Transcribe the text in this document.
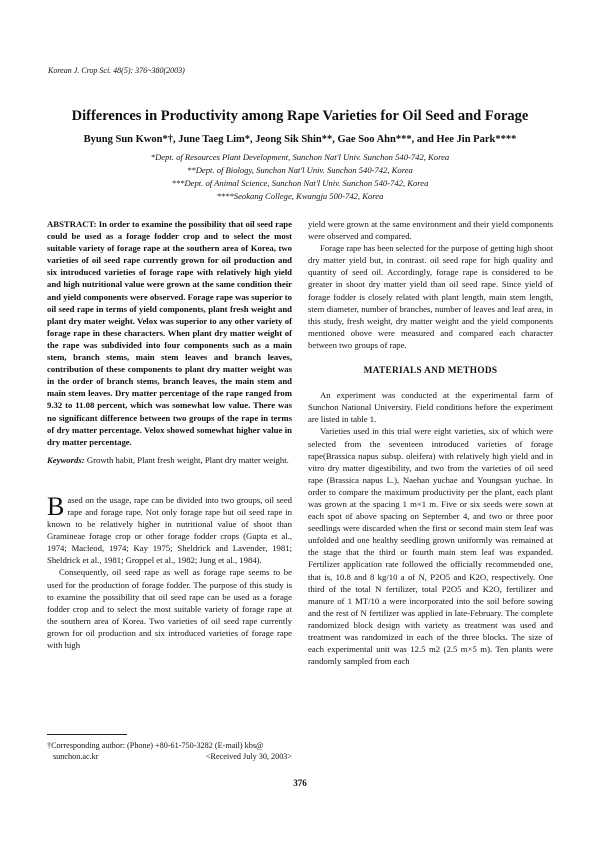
Korean J. Crop Sci. 48(5): 376~380(2003)
Differences in Productivity among Rape Varieties for Oil Seed and Forage
Byung Sun Kwon*†, June Taeg Lim*, Jeong Sik Shin**, Gae Soo Ahn***, and Hee Jin Park****
*Dept. of Resources Plant Development, Sunchon Nat'l Univ. Sunchon 540-742, Korea
**Dept. of Biology, Sunchon Nat'l Univ. Sunchon 540-742, Korea
***Dept. of Animal Science, Sunchon Nat'l Univ. Sunchon 540-742, Korea
****Seokang College, Kwangju 500-742, Korea

ABSTRACT: In order to examine the possibility that oil seed rape could be used as a forage fodder crop and to select the most suitable variety of forage rape at the southern area of Korea, two varieties of oil seed rape currently grown for oil production and six introduced varieties of forage rape with relatively high yield and high nutritional value were grown at the same condition their and yield components were observed. Forage rape was superior to oil seed rape in terms of yield components, plant fresh weight and plant dry mater weight. Velox was superior to any other variety of forage rape in these characters. When plant dry matter weight of the rape was subdivided into four components such as a main stem, branch stems, main stem leaves and branch leaves, contribution of these components to plant dry matter weight was in the order of branch stems, branch leaves, the main stem and main stem leaves. Dry matter percentage of the rape ranged from 9.32 to 11.08 percent, which was somewhat low value. There was no significant difference between two groups of the rape in terms of dry matter percentage. Velox showed somewhat higher value in dry matter percentage.

Keywords: Growth habit, Plant fresh weight, Plant dry matter weight.

Based on the usage, rape can be divided into two groups, oil seed rape and forage rape. Not only forage rape but oil seed rape in known to be relatively higher in nutritional value of shoot than Gramineae forage crop or other forage fodder crops (Gupta et al., 1974; Macleod, 1974; Kay 1975; Sheldrick and Lavender, 1981; Sheldrick et al., 1981; Groppel et al., 1982; Jung et al., 1984).

Consequently, oil seed rape as well as forage rape seems to be used for the production of forage fodder. The purpose of this study is to examine the possibility that oil seed rape can be used as a forage fodder crop and to select the most suitable variety of forage rape at the southern area of Korea. Two varieties of oil seed rape currently grown for oil production and six introduced varieties of forage rape with high

†Corresponding author: (Phone) +80-61-750-3282 (E-mail) kbs@
sunchon.ac.kr	<Received July 30, 2003>

yield were grown at the same environment and their yield components were observed and compared.

Forage rape has been selected for the purpose of getting high shoot dry matter yield but, in contrast. oil seed rape for high quality and quantity of seed oil. Accordingly, forage rape is considered to be greater in shoot dry matter yield than oil seed rape. Since yield of forage fodder is closely related with plant length, main stem length, stem diameter, number of branches, number of leaves and leaf area, in this study, fresh weight, dry matter weight and the yield components mentioned obove were measured and compared each character between two groups of rape.

MATERIALS AND METHODS

An experiment was conducted at the experimental farm of Sunchon National University. Field conditions before the experiment are listed in table 1.

Varieties used in this trial were eight varieties, six of which were selected from the seventeen introduced varieties of forage rape(Brassica napus subsp. oleifera) with relatively high yield and in vitro dry matter digestibility, and two from the varieties of oil seed rape (Brassica napus L.), Naehan yuchae and Youngsan yuchae. In order to compare the maximum productivity per the plant, each plant was grown at the spacing 1 m×1 m. Five or six seeds were sown at each spot of above spacing on September 4, and two or three poor seedlings were discarded when the first or second main stem leaf was unfolded and one healthy seedling grown uniformly was remained at the stage that the third or fourth main stem leaf was expanded. Fertilizer application rate followed the officially recommended one, that is, 10.8 and 8 kg/10 a of N, P2O5 and K2O, respectively. One third of the total N fertilizer, total P2O5 and K2O, fertilizer and manure of 1 MT/10 a were incorporated into the soil before sowing and the rest of N fertilizer was applied in late-February. The complete randomized block design with variety as treatment was used and treatment was randomized in each of the three blocks. The size of each experimental unit was 12.5 m2 (2.5 m×5 m). Ten plants were randomly sampled from each

376
